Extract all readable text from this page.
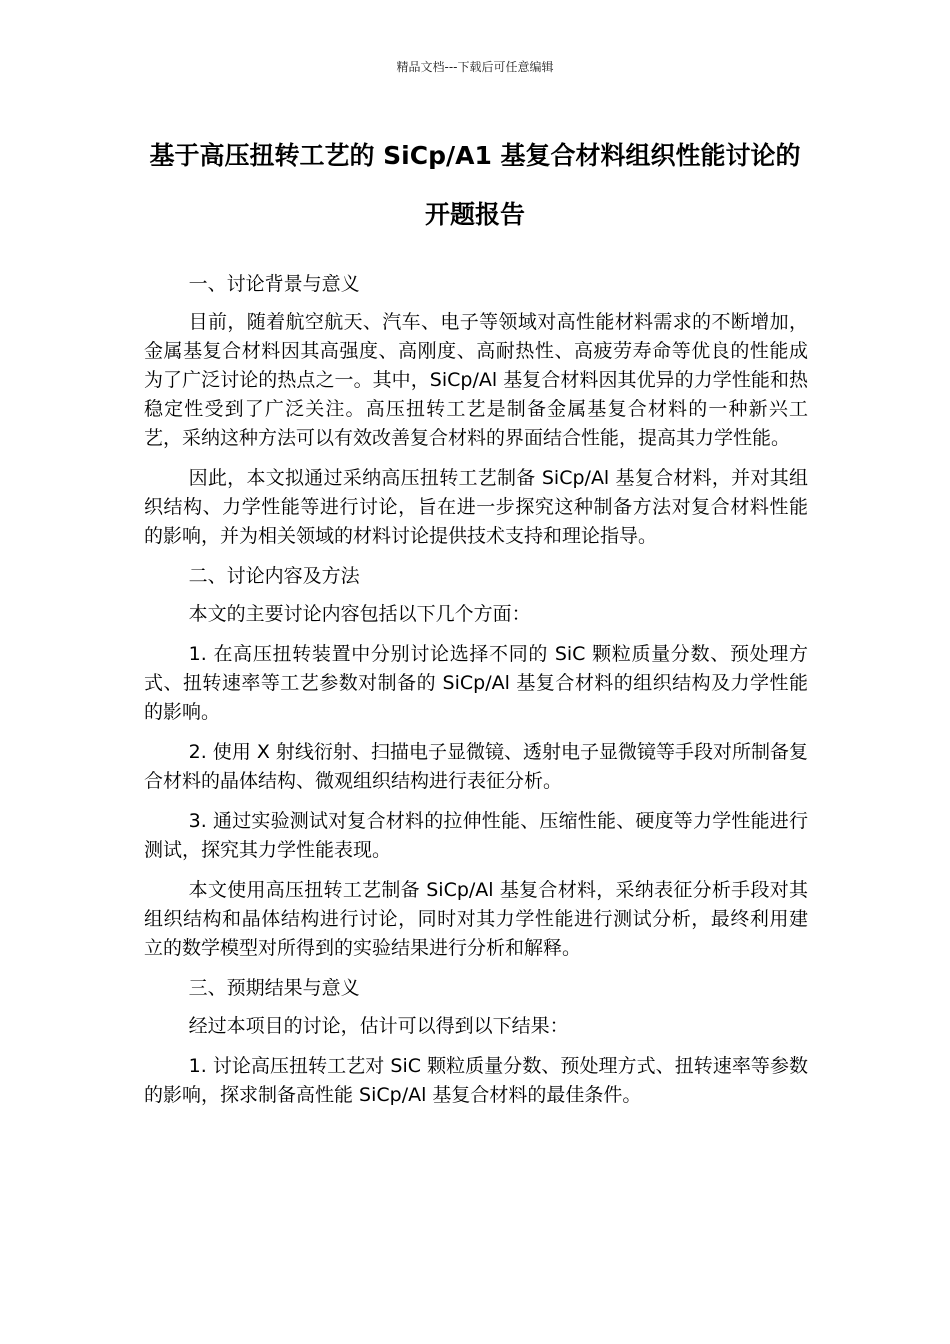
精品文档---下载后可任意编辑
基于高压扭转工艺的 SiCp/A1 基复合材料组织性能讨论的开题报告

一、讨论背景与意义

目前，随着航空航天、汽车、电子等领域对高性能材料需求的不断增加，金属基复合材料因其高强度、高刚度、高耐热性、高疲劳寿命等优良的性能成为了广泛讨论的热点之一。其中，SiCp/Al 基复合材料因其优异的力学性能和热稳定性受到了广泛关注。高压扭转工艺是制备金属基复合材料的一种新兴工艺，采纳这种方法可以有效改善复合材料的界面结合性能，提高其力学性能。

因此，本文拟通过采纳高压扭转工艺制备 SiCp/Al 基复合材料，并对其组织结构、力学性能等进行讨论，旨在进一步探究这种制备方法对复合材料性能的影响，并为相关领域的材料讨论提供技术支持和理论指导。

二、讨论内容及方法

本文的主要讨论内容包括以下几个方面：

1. 在高压扭转装置中分别讨论选择不同的 SiC 颗粒质量分数、预处理方式、扭转速率等工艺参数对制备的 SiCp/Al 基复合材料的组织结构及力学性能的影响。

2. 使用 X 射线衍射、扫描电子显微镜、透射电子显微镜等手段对所制备复合材料的晶体结构、微观组织结构进行表征分析。

3. 通过实验测试对复合材料的拉伸性能、压缩性能、硬度等力学性能进行测试，探究其力学性能表现。

本文使用高压扭转工艺制备 SiCp/Al 基复合材料，采纳表征分析手段对其组织结构和晶体结构进行讨论，同时对其力学性能进行测试分析，最终利用建立的数学模型对所得到的实验结果进行分析和解释。

三、预期结果与意义

经过本项目的讨论，估计可以得到以下结果：

1. 讨论高压扭转工艺对 SiC 颗粒质量分数、预处理方式、扭转速率等参数的影响，探求制备高性能 SiCp/Al 基复合材料的最佳条件。
